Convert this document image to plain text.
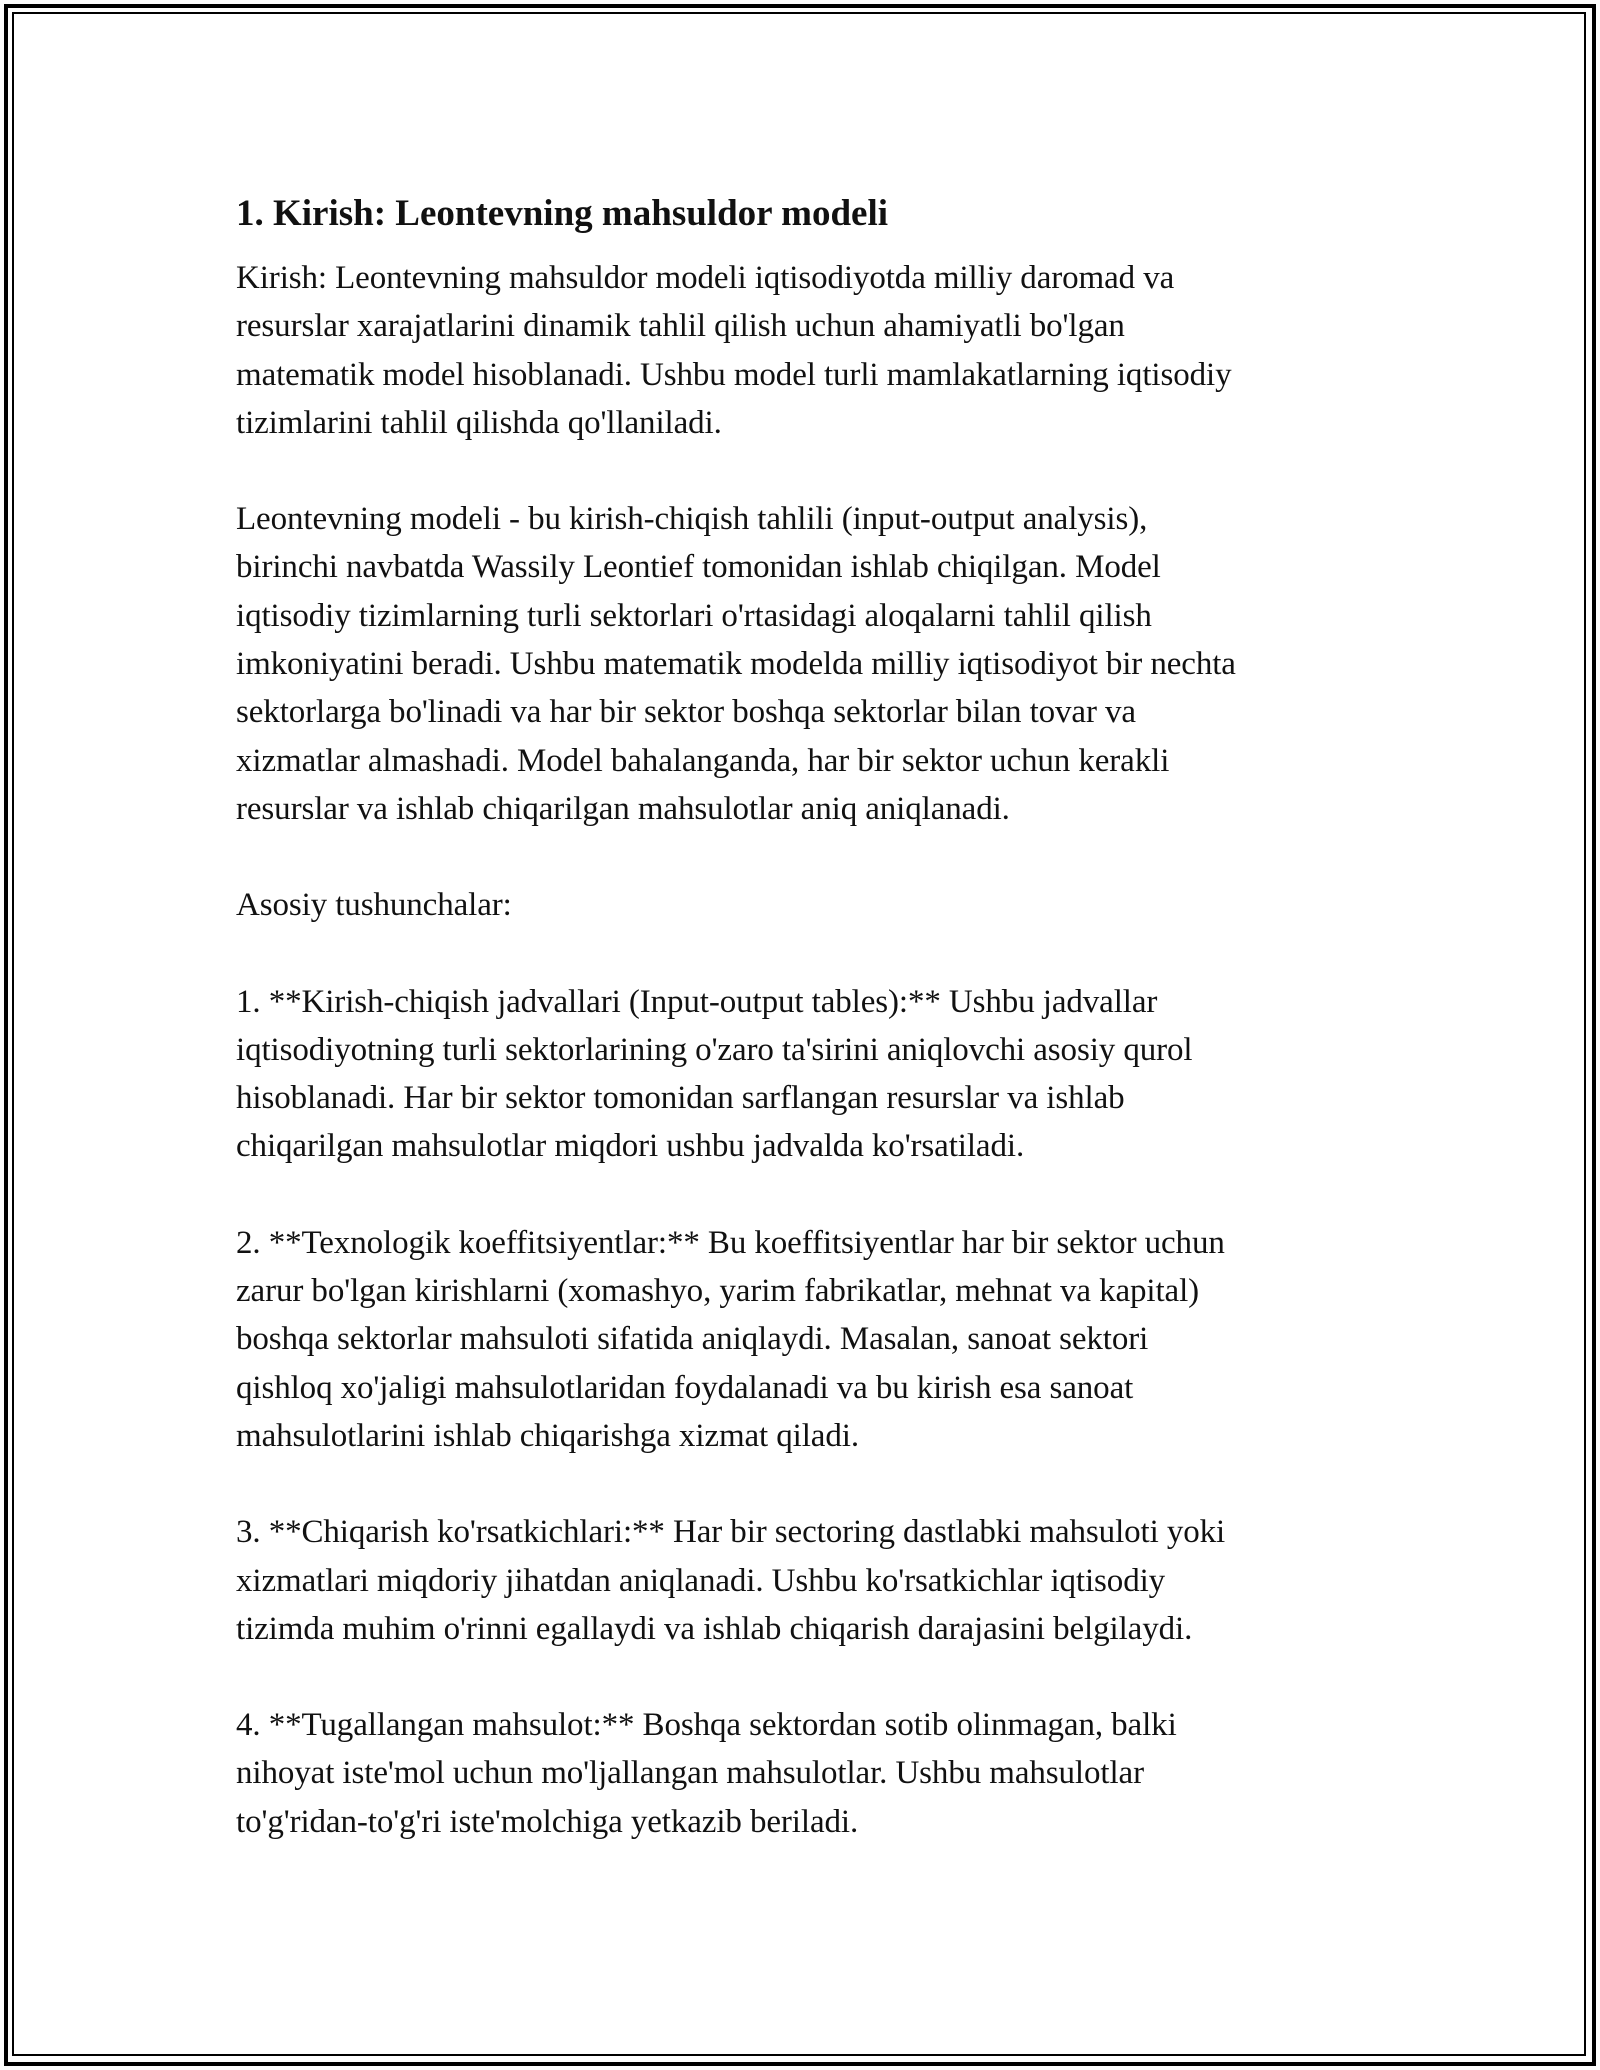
1. Kirish: Leontevning mahsuldor modeli

Kirish: Leontevning mahsuldor modeli iqtisodiyotda milliy daromad va
resurslar xarajatlarini dinamik tahlil qilish uchun ahamiyatli bo'lgan
matematik model hisoblanadi. Ushbu model turli mamlakatlarning iqtisodiy
tizimlarini tahlil qilishda qo'llaniladi.

Leontevning modeli - bu kirish-chiqish tahlili (input-output analysis),
birinchi navbatda Wassily Leontief tomonidan ishlab chiqilgan. Model
iqtisodiy tizimlarning turli sektorlari o'rtasidagi aloqalarni tahlil qilish
imkoniyatini beradi. Ushbu matematik modelda milliy iqtisodiyot bir nechta
sektorlarga bo'linadi va har bir sektor boshqa sektorlar bilan tovar va
xizmatlar almashadi. Model bahalanganda, har bir sektor uchun kerakli
resurslar va ishlab chiqarilgan mahsulotlar aniq aniqlanadi.

Asosiy tushunchalar:

1. **Kirish-chiqish jadvallari (Input-output tables):** Ushbu jadvallar
iqtisodiyotning turli sektorlarining o'zaro ta'sirini aniqlovchi asosiy qurol
hisoblanadi. Har bir sektor tomonidan sarflangan resurslar va ishlab
chiqarilgan mahsulotlar miqdori ushbu jadvalda ko'rsatiladi.

2. **Texnologik koeffitsiyentlar:** Bu koeffitsiyentlar har bir sektor uchun
zarur bo'lgan kirishlarni (xomashyo, yarim fabrikatlar, mehnat va kapital)
boshqa sektorlar mahsuloti sifatida aniqlaydi. Masalan, sanoat sektori
qishloq xo'jaligi mahsulotlaridan foydalanadi va bu kirish esa sanoat
mahsulotlarini ishlab chiqarishga xizmat qiladi.

3. **Chiqarish ko'rsatkichlari:** Har bir sectoring dastlabki mahsuloti yoki
xizmatlari miqdoriy jihatdan aniqlanadi. Ushbu ko'rsatkichlar iqtisodiy
tizimda muhim o'rinni egallaydi va ishlab chiqarish darajasini belgilaydi.

4. **Tugallangan mahsulot:** Boshqa sektordan sotib olinmagan, balki
nihoyat iste'mol uchun mo'ljallangan mahsulotlar. Ushbu mahsulotlar
to'g'ridan-to'g'ri iste'molchiga yetkazib beriladi.
